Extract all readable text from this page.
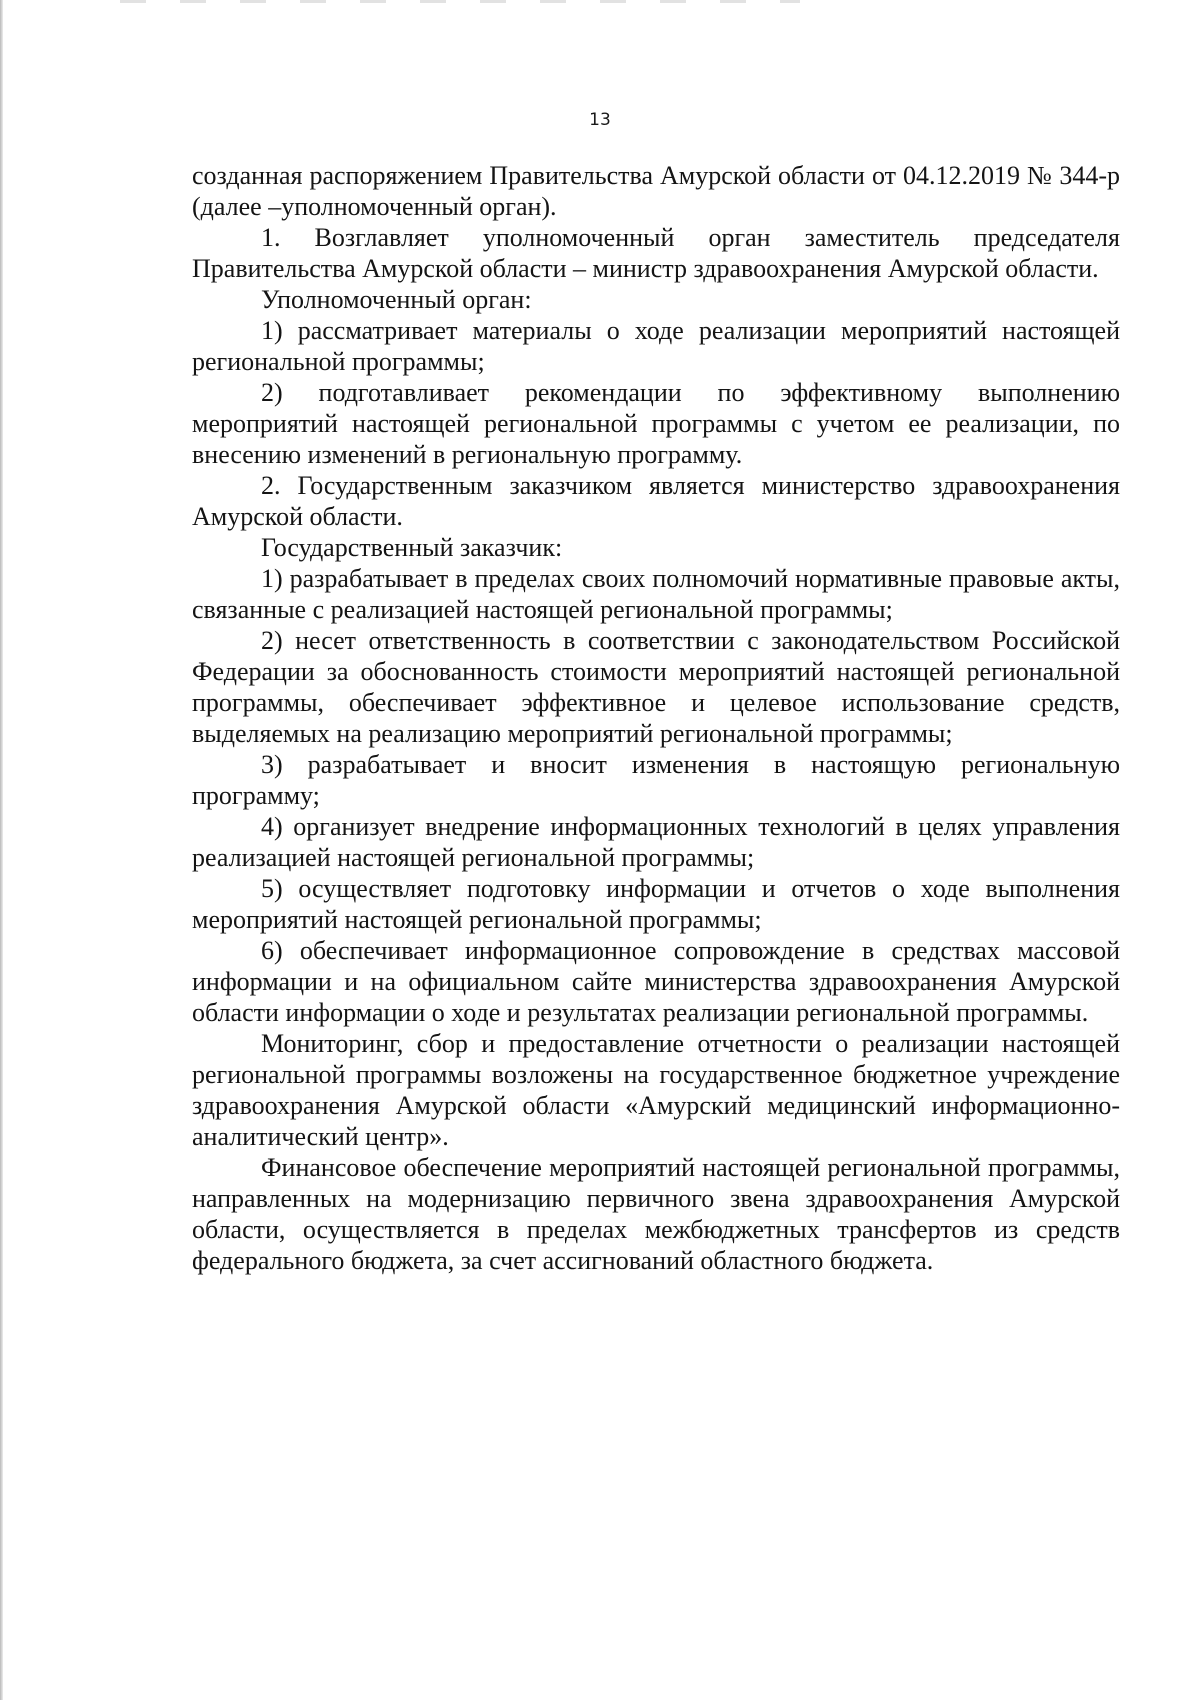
13

созданная распоряжением Правительства Амурской области от 04.12.2019 № 344-р (далее –уполномоченный орган).

1. Возглавляет уполномоченный орган заместитель председателя Правительства Амурской области – министр здравоохранения Амурской области.

Уполномоченный орган:

1) рассматривает материалы о ходе реализации мероприятий настоящей региональной программы;

2) подготавливает рекомендации по эффективному выполнению мероприятий настоящей региональной программы с учетом ее реализации, по внесению изменений в региональную программу.

2. Государственным заказчиком является министерство здравоохранения Амурской области.

Государственный заказчик:

1) разрабатывает в пределах своих полномочий нормативные правовые акты, связанные с реализацией настоящей региональной программы;

2) несет ответственность в соответствии с законодательством Российской Федерации за обоснованность стоимости мероприятий настоящей региональной программы, обеспечивает эффективное и целевое использование средств, выделяемых на реализацию мероприятий региональной программы;

3) разрабатывает и вносит изменения в настоящую региональную программу;

4) организует внедрение информационных технологий в целях управления реализацией настоящей региональной программы;

5) осуществляет подготовку информации и отчетов о ходе выполнения мероприятий настоящей региональной программы;

6) обеспечивает информационное сопровождение в средствах массовой информации и на официальном сайте министерства здравоохранения Амурской области информации о ходе и результатах реализации региональной программы.

Мониторинг, сбор и предоставление отчетности о реализации настоящей региональной программы возложены на государственное бюджетное учреждение здравоохранения Амурской области «Амурский медицинский информационно-аналитический центр».

Финансовое обеспечение мероприятий настоящей региональной программы, направленных на модернизацию первичного звена здравоохранения Амурской области, осуществляется в пределах межбюджетных трансфертов из средств федерального бюджета, за счет ассигнований областного бюджета.
